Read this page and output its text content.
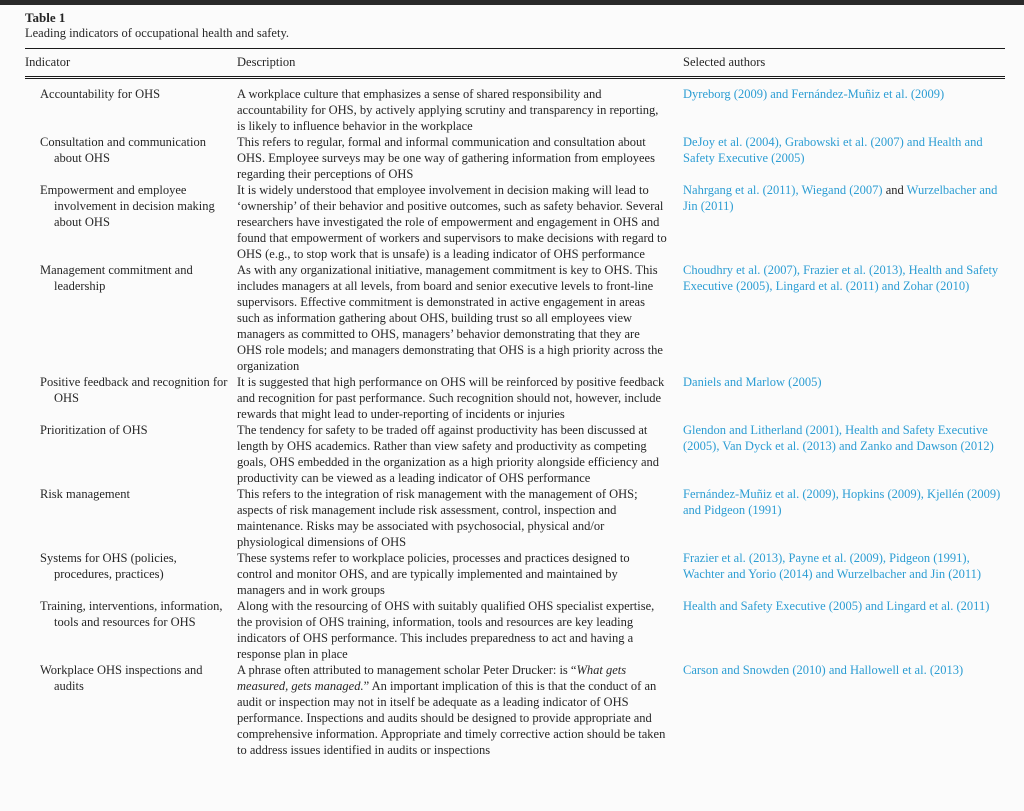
Table 1
Leading indicators of occupational health and safety.
Indicator	Description	Selected authors

Accountability for OHS	A workplace culture that emphasizes a sense of shared responsibility and accountability for OHS, by actively applying scrutiny and transparency in reporting, is likely to influence behavior in the workplace	Dyreborg (2009) and Fernández-Muñiz et al. (2009)

Consultation and communication about OHS	This refers to regular, formal and informal communication and consultation about OHS. Employee surveys may be one way of gathering information from employees regarding their perceptions of OHS	DeJoy et al. (2004), Grabowski et al. (2007) and Health and Safety Executive (2005)

Empowerment and employee involvement in decision making about OHS	It is widely understood that employee involvement in decision making will lead to ‘ownership’ of their behavior and positive outcomes, such as safety behavior. Several researchers have investigated the role of empowerment and engagement in OHS and found that empowerment of workers and supervisors to make decisions with regard to OHS (e.g., to stop work that is unsafe) is a leading indicator of OHS performance	Nahrgang et al. (2011), Wiegand (2007) and Wurzelbacher and Jin (2011)

Management commitment and leadership	As with any organizational initiative, management commitment is key to OHS. This includes managers at all levels, from board and senior executive levels to front-line supervisors. Effective commitment is demonstrated in active engagement in areas such as information gathering about OHS, building trust so all employees view managers as committed to OHS, managers’ behavior demonstrating that they are OHS role models; and managers demonstrating that OHS is a high priority across the organization	Choudhry et al. (2007), Frazier et al. (2013), Health and Safety Executive (2005), Lingard et al. (2011) and Zohar (2010)

Positive feedback and recognition for OHS	It is suggested that high performance on OHS will be reinforced by positive feedback and recognition for past performance. Such recognition should not, however, include rewards that might lead to under-reporting of incidents or injuries	Daniels and Marlow (2005)

Prioritization of OHS	The tendency for safety to be traded off against productivity has been discussed at length by OHS academics. Rather than view safety and productivity as competing goals, OHS embedded in the organization as a high priority alongside efficiency and productivity can be viewed as a leading indicator of OHS performance	Glendon and Litherland (2001), Health and Safety Executive (2005), Van Dyck et al. (2013) and Zanko and Dawson (2012)

Risk management	This refers to the integration of risk management with the management of OHS; aspects of risk management include risk assessment, control, inspection and maintenance. Risks may be associated with psychosocial, physical and/or physiological dimensions of OHS	Fernández-Muñiz et al. (2009), Hopkins (2009), Kjellén (2009) and Pidgeon (1991)

Systems for OHS (policies, procedures, practices)	These systems refer to workplace policies, processes and practices designed to control and monitor OHS, and are typically implemented and maintained by managers and in work groups	Frazier et al. (2013), Payne et al. (2009), Pidgeon (1991), Wachter and Yorio (2014) and Wurzelbacher and Jin (2011)

Training, interventions, information, tools and resources for OHS	Along with the resourcing of OHS with suitably qualified OHS specialist expertise, the provision of OHS training, information, tools and resources are key leading indicators of OHS performance. This includes preparedness to act and having a response plan in place	Health and Safety Executive (2005) and Lingard et al. (2011)

Workplace OHS inspections and audits	A phrase often attributed to management scholar Peter Drucker: is “What gets measured, gets managed.” An important implication of this is that the conduct of an audit or inspection may not in itself be adequate as a leading indicator of OHS performance. Inspections and audits should be designed to provide appropriate and comprehensive information. Appropriate and timely corrective action should be taken to address issues identified in audits or inspections	Carson and Snowden (2010) and Hallowell et al. (2013)
